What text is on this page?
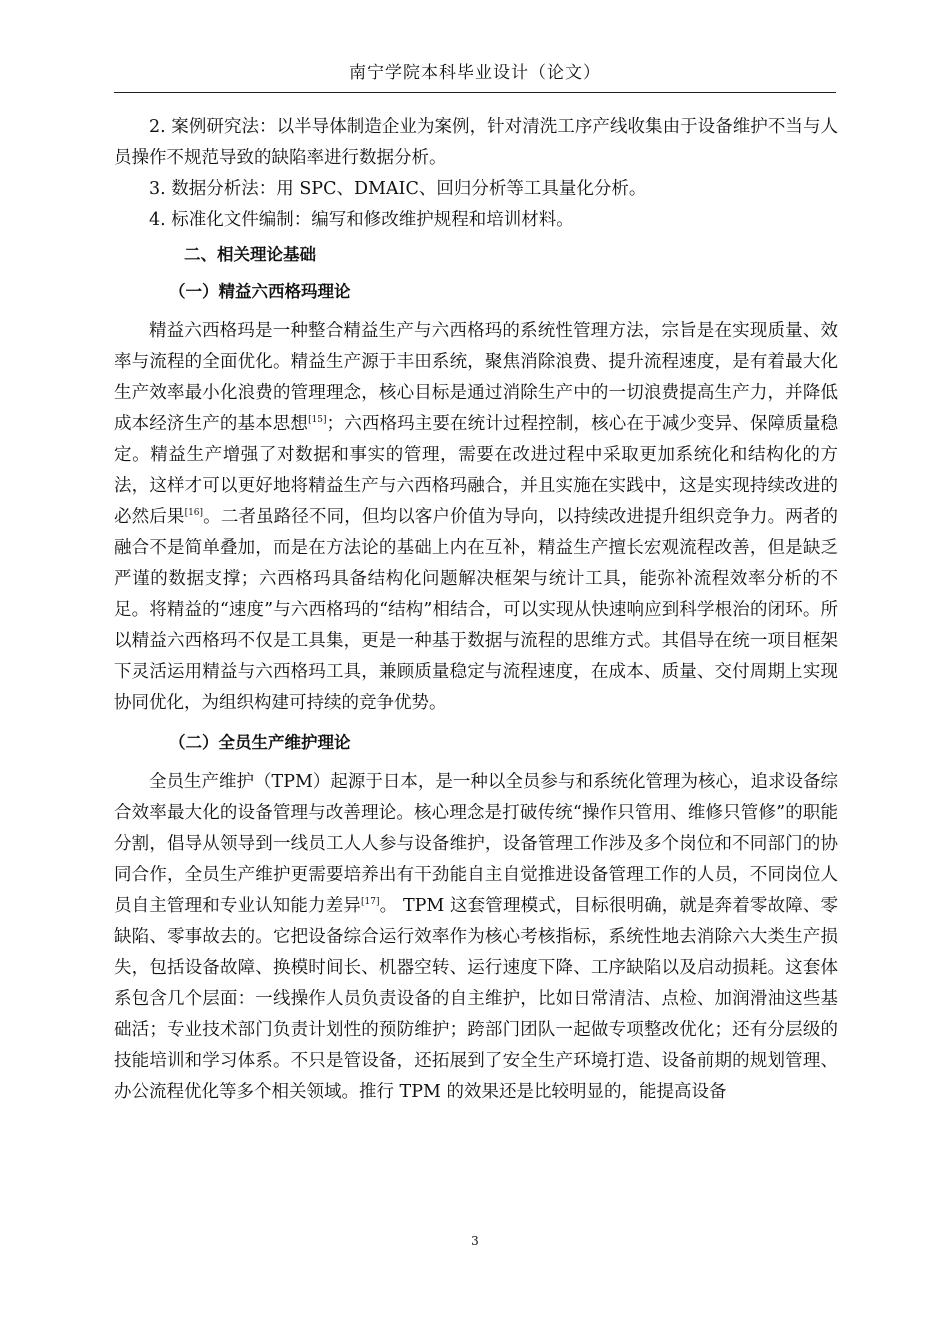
南宁学院本科毕业设计（论文）

2. 案例研究法：以半导体制造企业为案例，针对清洗工序产线收集由于设备维护不当与人员操作不规范导致的缺陷率进行数据分析。

3. 数据分析法：用 SPC、DMAIC、回归分析等工具量化分析。

4. 标准化文件编制：编写和修改维护规程和培训材料。

二、相关理论基础
（一）精益六西格玛理论

精益六西格玛是一种整合精益生产与六西格玛的系统性管理方法，宗旨是在实现质量、效率与流程的全面优化。精益生产源于丰田系统，聚焦消除浪费、提升流程速度，是有着最大化生产效率最小化浪费的管理理念，核心目标是通过消除生产中的一切浪费提高生产力，并降低成本经济生产的基本思想[15]；六西格玛主要在统计过程控制，核心在于减少变异、保障质量稳定。精益生产增强了对数据和事实的管理，需要在改进过程中采取更加系统化和结构化的方法，这样才可以更好地将精益生产与六西格玛融合，并且实施在实践中，这是实现持续改进的必然后果[16]。二者虽路径不同，但均以客户价值为导向，以持续改进提升组织竞争力。两者的融合不是简单叠加，而是在方法论的基础上内在互补，精益生产擅长宏观流程改善，但是缺乏严谨的数据支撑；六西格玛具备结构化问题解决框架与统计工具，能弥补流程效率分析的不足。将精益的“速度”与六西格玛的“结构”相结合，可以实现从快速响应到科学根治的闭环。所以精益六西格玛不仅是工具集，更是一种基于数据与流程的思维方式。其倡导在统一项目框架下灵活运用精益与六西格玛工具，兼顾质量稳定与流程速度，在成本、质量、交付周期上实现协同优化，为组织构建可持续的竞争优势。

（二）全员生产维护理论

全员生产维护（TPM）起源于日本，是一种以全员参与和系统化管理为核心，追求设备综合效率最大化的设备管理与改善理论。核心理念是打破传统“操作只管用、维修只管修”的职能分割，倡导从领导到一线员工人人参与设备维护，设备管理工作涉及多个岗位和不同部门的协同合作，全员生产维护更需要培养出有干劲能自主自觉推进设备管理工作的人员，不同岗位人员自主管理和专业认知能力差异[17]。 TPM 这套管理模式，目标很明确，就是奔着零故障、零缺陷、零事故去的。它把设备综合运行效率作为核心考核指标，系统性地去消除六大类生产损失，包括设备故障、换模时间长、机器空转、运行速度下降、工序缺陷以及启动损耗。这套体系包含几个层面：一线操作人员负责设备的自主维护，比如日常清洁、点检、加润滑油这些基础活；专业技术部门负责计划性的预防维护；跨部门团队一起做专项整改优化；还有分层级的技能培训和学习体系。不只是管设备，还拓展到了安全生产环境打造、设备前期的规划管理、办公流程优化等多个相关领域。推行 TPM 的效果还是比较明显的，能提高设备

3
